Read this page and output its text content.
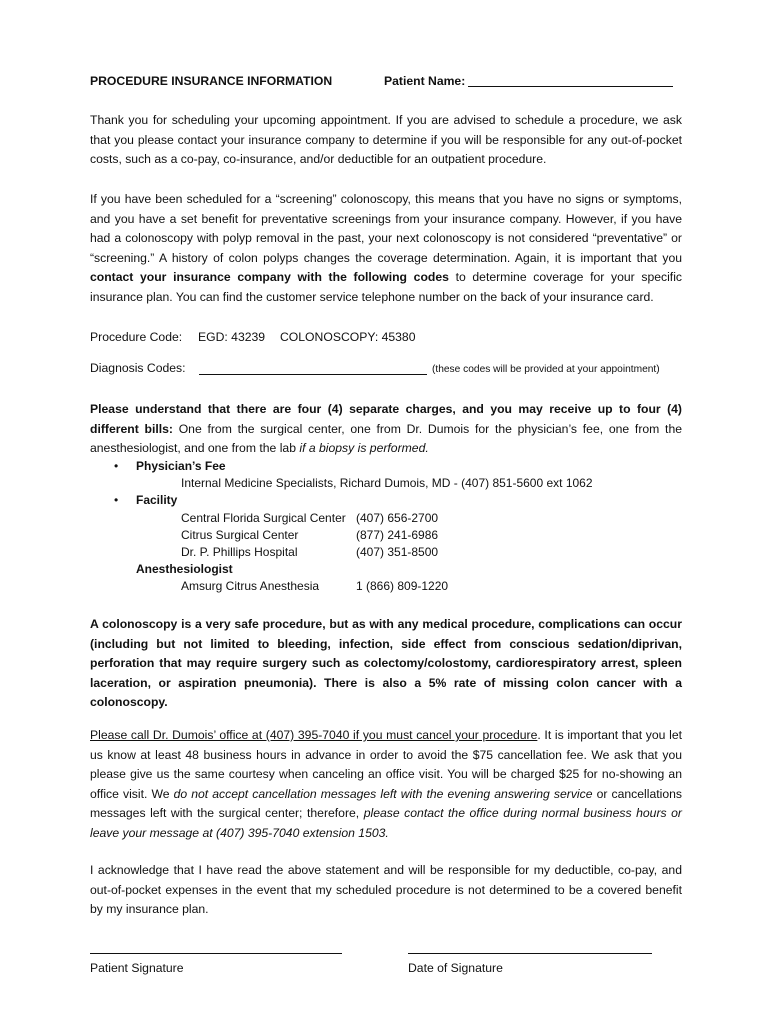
PROCEDURE INSURANCE INFORMATION	Patient Name:

Thank you for scheduling your upcoming appointment. If you are advised to schedule a procedure, we ask that you please contact your insurance company to determine if you will be responsible for any out-of-pocket costs, such as a co-pay, co-insurance, and/or deductible for an outpatient procedure.

If you have been scheduled for a “screening” colonoscopy, this means that you have no signs or symptoms, and you have a set benefit for preventative screenings from your insurance company. However, if you have had a colonoscopy with polyp removal in the past, your next colonoscopy is not considered “preventative” or “screening.” A history of colon polyps changes the coverage determination. Again, it is important that you contact your insurance company with the following codes to determine coverage for your specific insurance plan. You can find the customer service telephone number on the back of your insurance card.

Procedure Code: EGD: 43239 COLONOSCOPY: 45380
Diagnosis Codes:	(these codes will be provided at your appointment)

Please understand that there are four (4) separate charges, and you may receive up to four (4) different bills: One from the surgical center, one from Dr. Dumois for the physician’s fee, one from the anesthesiologist, and one from the lab if a biopsy is performed.

• Physician’s Fee
Internal Medicine Specialists, Richard Dumois, MD - (407) 851-5600 ext 1062
• Facility
Central Florida Surgical Center (407) 656-2700
Citrus Surgical Center	(877) 241-6986
Dr. P. Phillips Hospital	(407) 351-8500
Anesthesiologist
Amsurg Citrus Anesthesia	1 (866) 809-1220

A colonoscopy is a very safe procedure, but as with any medical procedure, complications can occur (including but not limited to bleeding, infection, side effect from conscious sedation/diprivan, perforation that may require surgery such as colectomy/colostomy, cardiorespiratory arrest, spleen laceration, or aspiration pneumonia). There is also a 5% rate of missing colon cancer with a colonoscopy.

Please call Dr. Dumois’ office at (407) 395-7040 if you must cancel your procedure. It is important that you let us know at least 48 business hours in advance in order to avoid the $75 cancellation fee. We ask that you please give us the same courtesy when canceling an office visit. You will be charged $25 for no-showing an office visit. We do not accept cancellation messages left with the evening answering service or cancellations messages left with the surgical center; therefore, please contact the office during normal business hours or leave your message at (407) 395-7040 extension 1503.

I acknowledge that I have read the above statement and will be responsible for my deductible, co-pay, and out-of-pocket expenses in the event that my scheduled procedure is not determined to be a covered benefit by my insurance plan.

Patient Signature	Date of Signature
